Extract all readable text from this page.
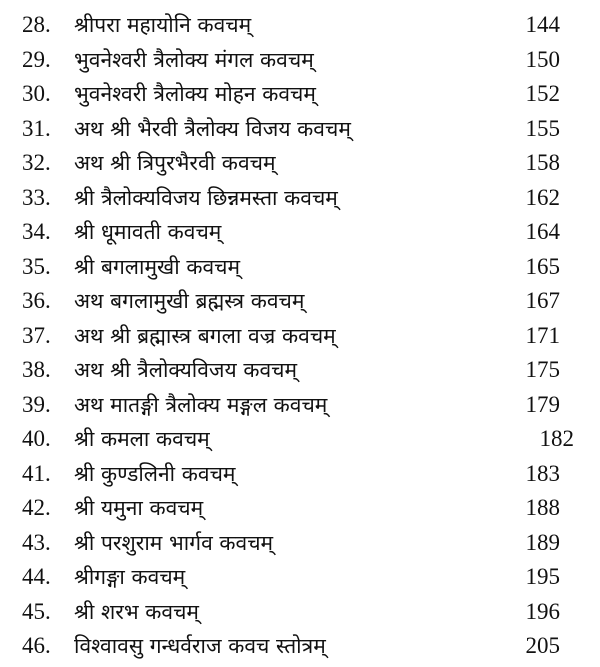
28. श्रीपरा महायोनि कवचम्	144
29. भुवनेश्वरी त्रैलोक्य मंगल कवचम्	150
30. भुवनेश्वरी त्रैलोक्य मोहन कवचम्	152
31. अथ श्री भैरवी त्रैलोक्य विजय कवचम्	155
32. अथ श्री त्रिपुरभैरवी कवचम्	158
33. श्री त्रैलोक्यविजय छिन्नमस्ता कवचम्	162
34. श्री धूमावती कवचम्	164
35. श्री बगलामुखी कवचम्	165
36. अथ बगलामुखी ब्रह्मस्त्र कवचम्	167
37. अथ श्री ब्रह्मास्त्र बगला वज्र कवचम्	171
38. अथ श्री त्रैलोक्यविजय कवचम्	175
39. अथ मातङ्गी त्रैलोक्य मङ्गल कवचम्	179
40. श्री कमला कवचम्	182
41. श्री कुण्डलिनी कवचम्	183
42. श्री यमुना कवचम्	188
43. श्री परशुराम भार्गव कवचम्	189
44. श्रीगङ्गा कवचम्	195
45. श्री शरभ कवचम्	196
46. विश्वावसु गन्धर्वराज कवच स्तोत्रम्	205
